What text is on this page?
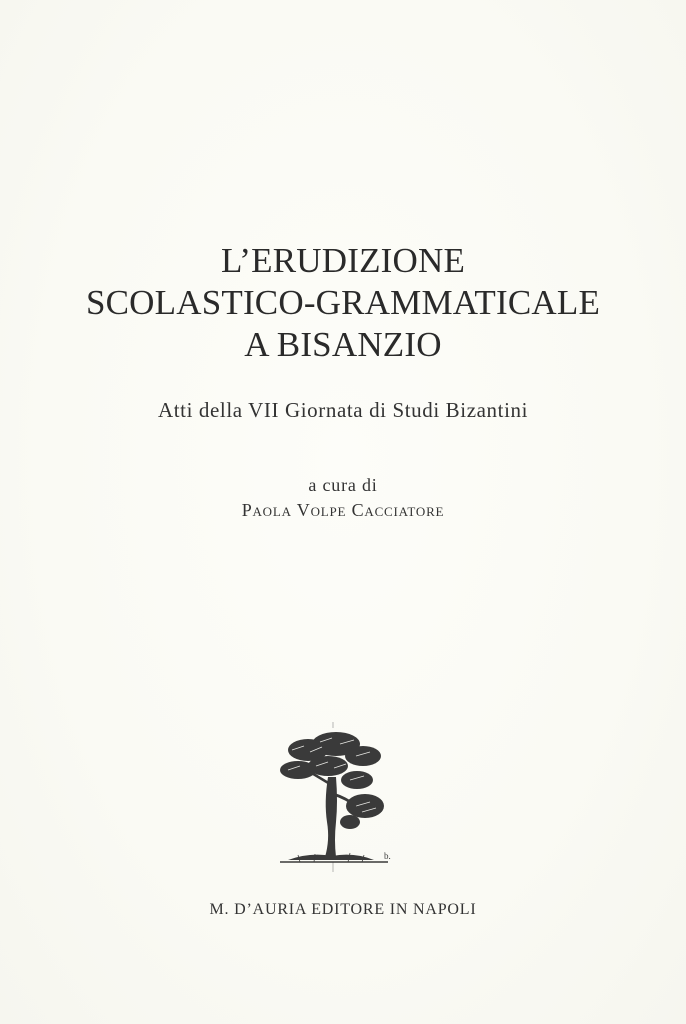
L’ERUDIZIONE
SCOLASTICO-GRAMMATICALE
A BISANZIO
Atti della VII Giornata di Studi Bizantini
a cura di
Paola Volpe Cacciatore
b.
M. D’AURIA EDITORE IN NAPOLI
